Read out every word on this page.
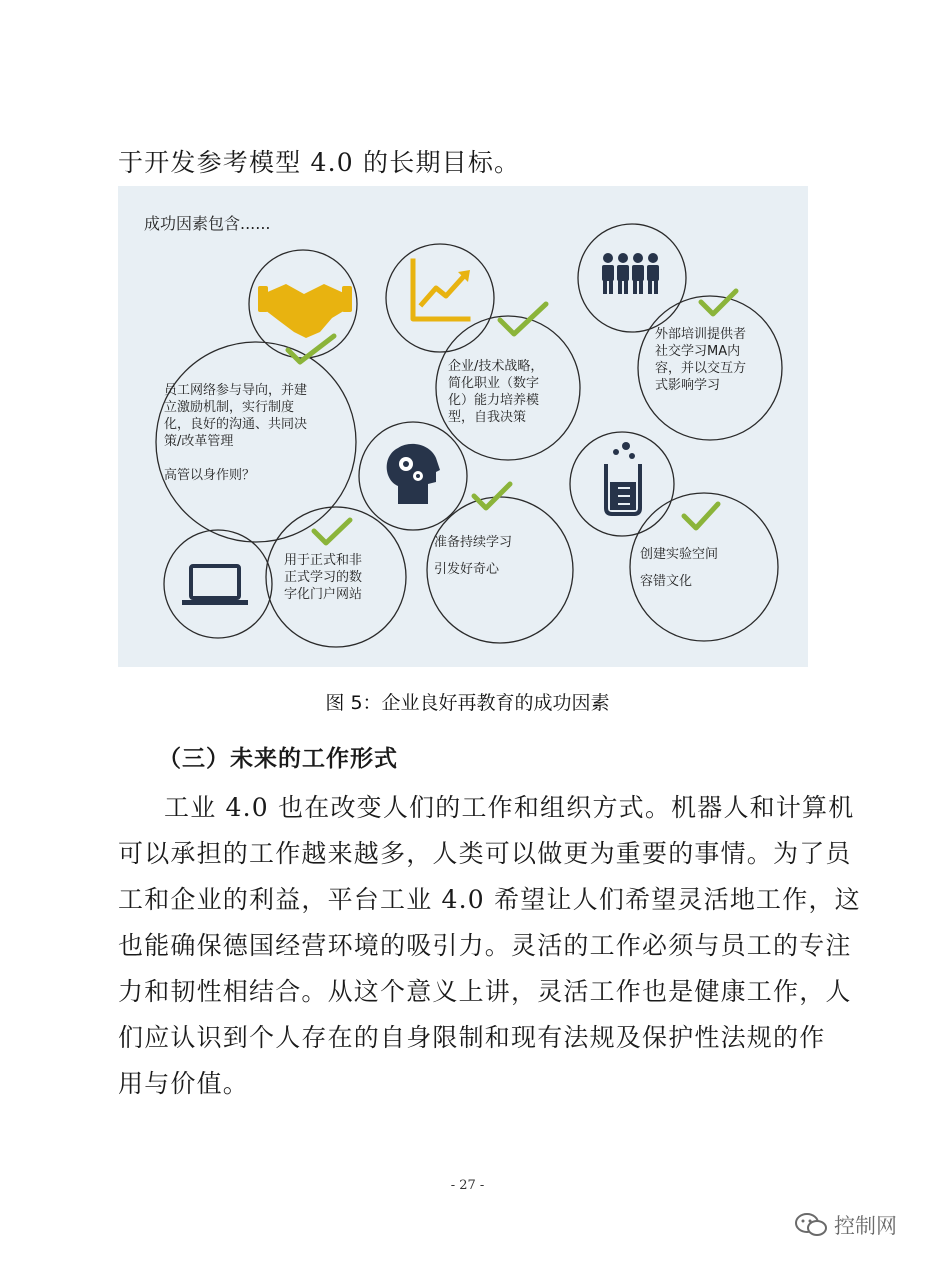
于开发参考模型 4.0 的长期目标。
成功因素包含......
员工网络参与导向，并建
立激励机制，实行制度
化，良好的沟通、共同决
策/改革管理
高管以身作则？
企业/技术战略，
简化职业（数字
化）能力培养模
型，自我决策
外部培训提供者
社交学习MA内
容，并以交互方
式影响学习
准备持续学习
引发好奇心
用于正式和非
正式学习的数
字化门户网站
创建实验空间
容错文化
图 5：企业良好再教育的成功因素
（三）未来的工作形式
工业 4.0 也在改变人们的工作和组织方式。机器人和计算机
可以承担的工作越来越多，人类可以做更为重要的事情。为了员
工和企业的利益，平台工业 4.0 希望让人们希望灵活地工作，这
也能确保德国经营环境的吸引力。灵活的工作必须与员工的专注
力和韧性相结合。从这个意义上讲，灵活工作也是健康工作，人
们应认识到个人存在的自身限制和现有法规及保护性法规的作
用与价值。
- 27 -
控制网
